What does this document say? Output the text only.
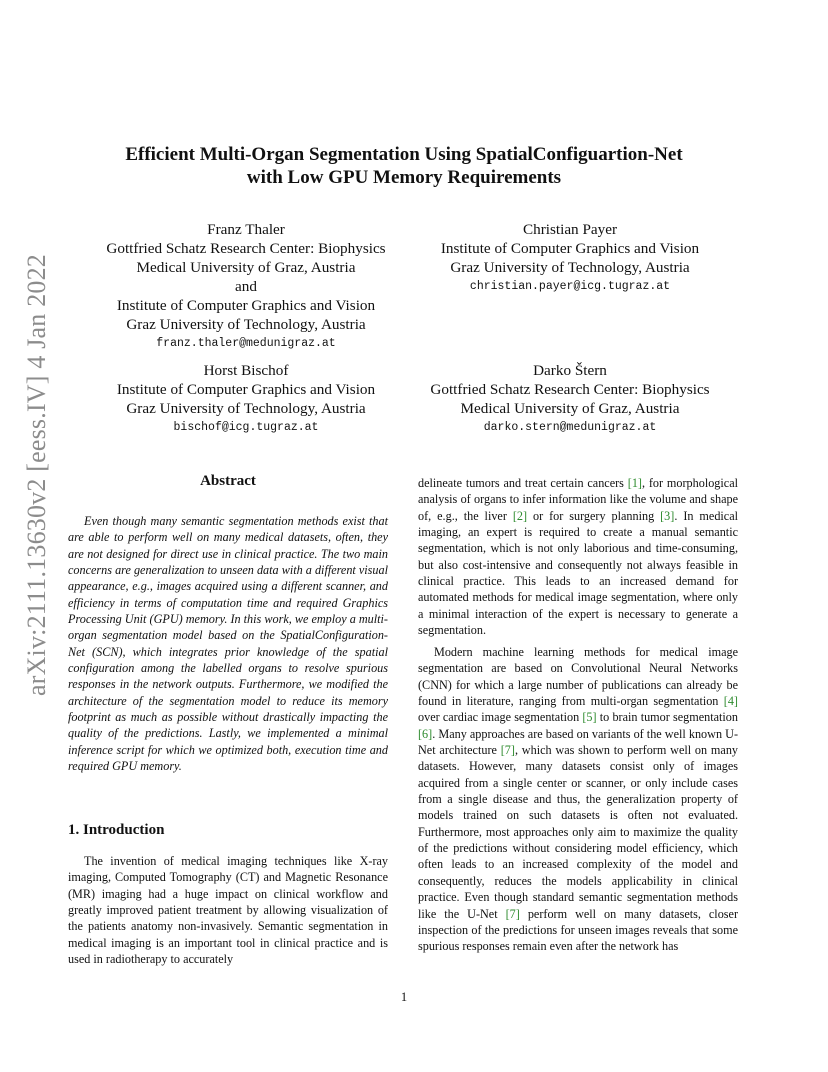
arXiv:2111.13630v2 [eess.IV] 4 Jan 2022
Efficient Multi-Organ Segmentation Using SpatialConfiguartion-Net
with Low GPU Memory Requirements
Franz Thaler
Gottfried Schatz Research Center: Biophysics
Medical University of Graz, Austria
and
Institute of Computer Graphics and Vision
Graz University of Technology, Austria
franz.thaler@medunigraz.at
Christian Payer
Institute of Computer Graphics and Vision
Graz University of Technology, Austria
christian.payer@icg.tugraz.at
Horst Bischof
Institute of Computer Graphics and Vision
Graz University of Technology, Austria
bischof@icg.tugraz.at
Darko Štern
Gottfried Schatz Research Center: Biophysics
Medical University of Graz, Austria
darko.stern@medunigraz.at
Abstract

Even though many semantic segmentation methods exist that are able to perform well on many medical datasets, often, they are not designed for direct use in clinical practice. The two main concerns are generalization to unseen data with a different visual appearance, e.g., images acquired using a different scanner, and efficiency in terms of computation time and required Graphics Processing Unit (GPU) memory. In this work, we employ a multi-organ segmentation model based on the SpatialConfiguration-Net (SCN), which integrates prior knowledge of the spatial configuration among the labelled organs to resolve spurious responses in the network outputs. Furthermore, we modified the architecture of the segmentation model to reduce its memory footprint as much as possible without drastically impacting the quality of the predictions. Lastly, we implemented a minimal inference script for which we optimized both, execution time and required GPU memory.

1. Introduction

The invention of medical imaging techniques like X-ray imaging, Computed Tomography (CT) and Magnetic Resonance (MR) imaging had a huge impact on clinical workflow and greatly improved patient treatment by allowing visualization of the patients anatomy non-invasively. Semantic segmentation in medical imaging is an important tool in clinical practice and is used in radiotherapy to accurately

delineate tumors and treat certain cancers [1], for morphological analysis of organs to infer information like the volume and shape of, e.g., the liver [2] or for surgery planning [3]. In medical imaging, an expert is required to create a manual semantic segmentation, which is not only laborious and time-consuming, but also cost-intensive and consequently not always feasible in clinical practice. This leads to an increased demand for automated methods for medical image segmentation, where only a minimal interaction of the expert is necessary to generate a segmentation.

Modern machine learning methods for medical image segmentation are based on Convolutional Neural Networks (CNN) for which a large number of publications can already be found in literature, ranging from multi-organ segmentation [4] over cardiac image segmentation [5] to brain tumor segmentation [6]. Many approaches are based on variants of the well known U-Net architecture [7], which was shown to perform well on many datasets. However, many datasets consist only of images acquired from a single center or scanner, or only include cases from a single disease and thus, the generalization property of models trained on such datasets is often not evaluated. Furthermore, most approaches only aim to maximize the quality of the predictions without considering model efficiency, which often leads to an increased complexity of the model and consequently, reduces the models applicability in clinical practice. Even though standard semantic segmentation methods like the U-Net [7] perform well on many datasets, closer inspection of the predictions for unseen images reveals that some spurious responses remain even after the network has

1
